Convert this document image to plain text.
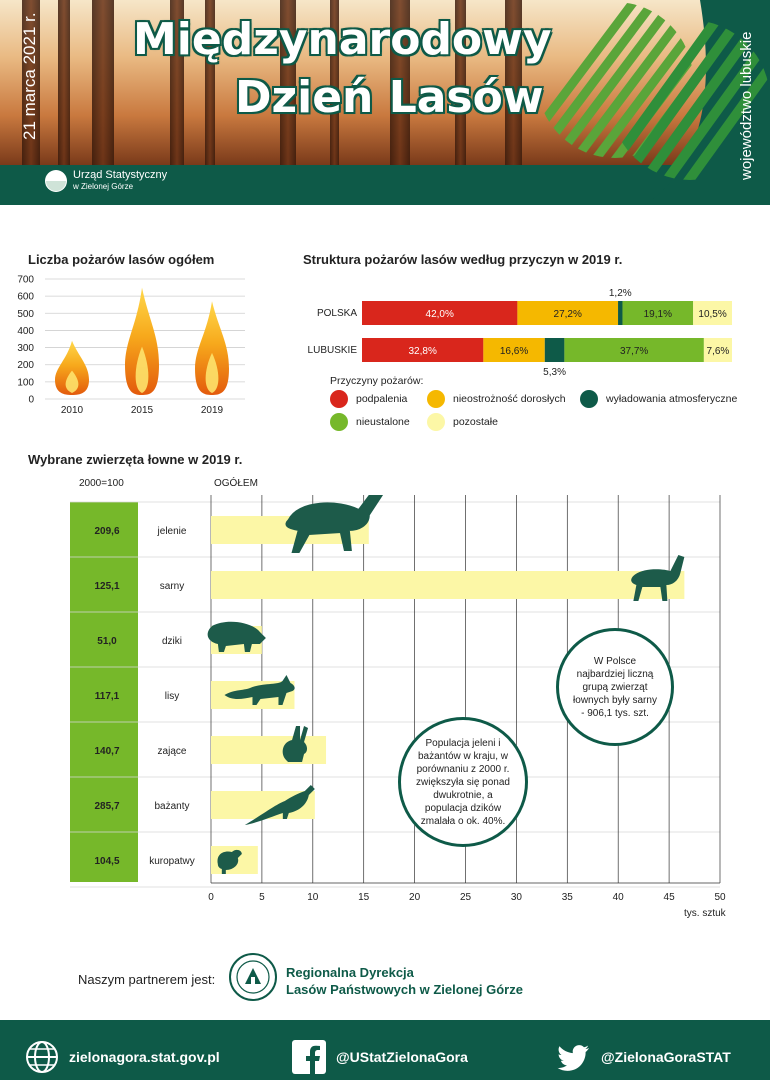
21 marca 2021 r. Międzynarodowy
Dzień Lasów
Urząd Statystyczny
w Zielonej Górze
województwo lubuskie
Liczba pożarów lasów ogółem
0
100
200
300
400
500
600
700
2010	2015	2019
Struktura pożarów lasów według przyczyn w 2019 r.
POLSKA	42,0%	27,2%
1,2%
19,1%	10,5%
LUBUSKIE	32,8%	16,6%
5,3%
37,7%	7,6%
Przyczyny pożarów:
podpalenia	nieostrożność dorosłych	wyładowania atmosferyczne
nieustalone	pozostałe
Wybrane zwierzęta łowne w 2019 r.
2000=100	OGÓŁEM
0	5	10	15	20	25	30	35	40	45	50
209,6	jelenie
125,1	sarny
51,0	dziki
117,1	lisy
140,7	zające
285,7	bażanty
104,5	kuropatwy
tys. sztuk
Populacja jeleni i bażantów w kraju, w porównaniu z 2000 r. zwiększyła się ponad dwukrotnie, a populacja dzików zmalała o ok. 40%.
W Polsce najbardziej liczną grupą zwierząt łownych były sarny - 906,1 tys. szt.
Naszym partnerem jest:	Regionalna Dyrekcja
Lasów Państwowych w Zielonej Górze
zielonagora.stat.gov.pl	@UStatZielonaGora	@ZielonaGoraSTAT
